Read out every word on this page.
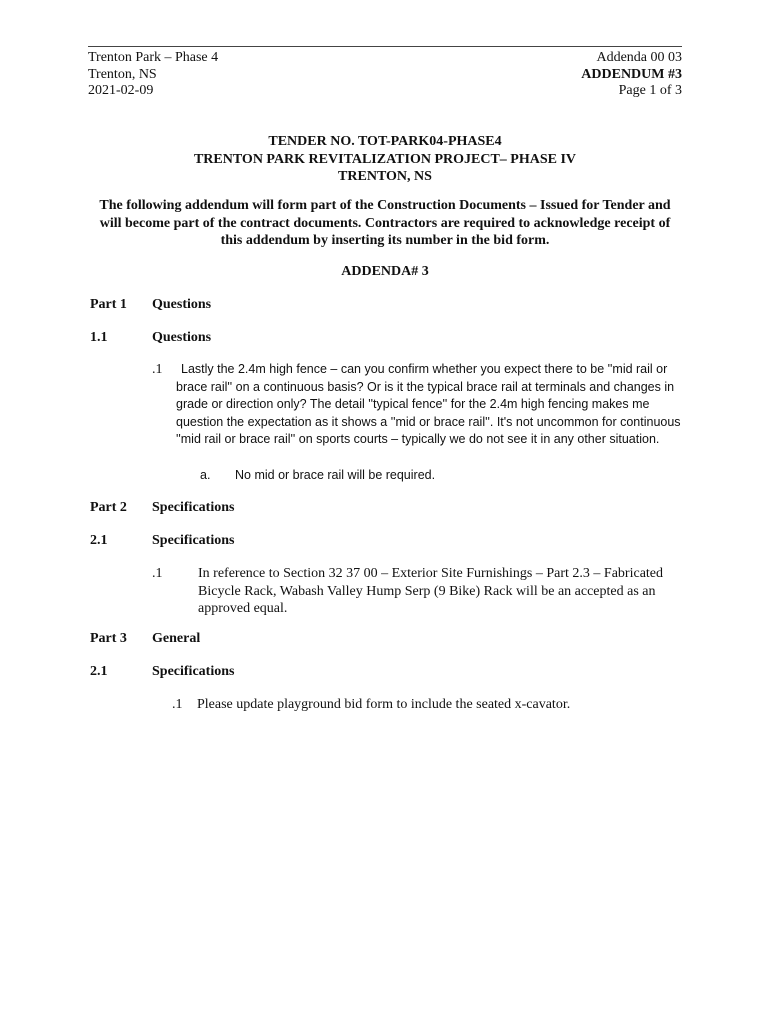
Trenton Park – Phase 4
Trenton, NS
2021-02-09
Addenda 00 03
ADDENDUM #3
Page 1 of 3
TENDER NO. TOT-PARK04-PHASE4
TRENTON PARK REVITALIZATION PROJECT– PHASE IV
TRENTON, NS
The following addendum will form part of the Construction Documents – Issued for Tender and will become part of the contract documents. Contractors are required to acknowledge receipt of this addendum by inserting its number in the bid form.
ADDENDA# 3
Part 1 Questions
1.1	Questions
.1	Lastly the 2.4m high fence – can you confirm whether you expect there to be ''mid rail or brace rail'' on a continuous basis? Or is it the typical brace rail at terminals and changes in grade or direction only? The detail ''typical fence'' for the 2.4m high fencing makes me question the expectation as it shows a ''mid or brace rail''. It's not uncommon for continuous ''mid rail or brace rail'' on sports courts – typically we do not see it in any other situation.
a. No mid or brace rail will be required.
Part 2 Specifications
2.1	Specifications
.1	In reference to Section 32 37 00 – Exterior Site Furnishings – Part 2.3 – Fabricated Bicycle Rack, Wabash Valley Hump Serp (9 Bike) Rack will be an accepted as an approved equal.
Part 3 General
2.1	Specifications
.1 Please update playground bid form to include the seated x-cavator.
